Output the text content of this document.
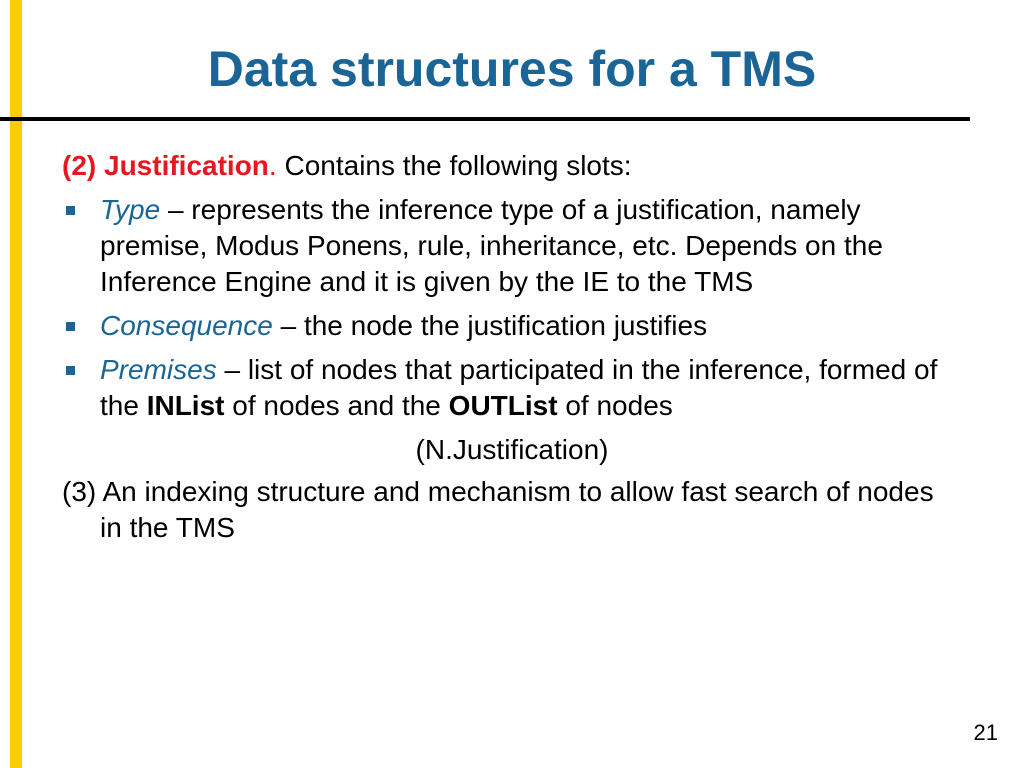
Data structures for a TMS

(2) Justification. Contains the following slots:

Type – represents the inference type of a justification, namely premise, Modus Ponens, rule, inheritance, etc. Depends on the Inference Engine and it is given by the IE to the TMS
Consequence – the node the justification justifies
Premises – list of nodes that participated in the inference, formed of the INList of nodes and the OUTList of nodes
(N.Justification)

(3) An indexing structure and mechanism to allow fast search of nodes in the TMS

21
